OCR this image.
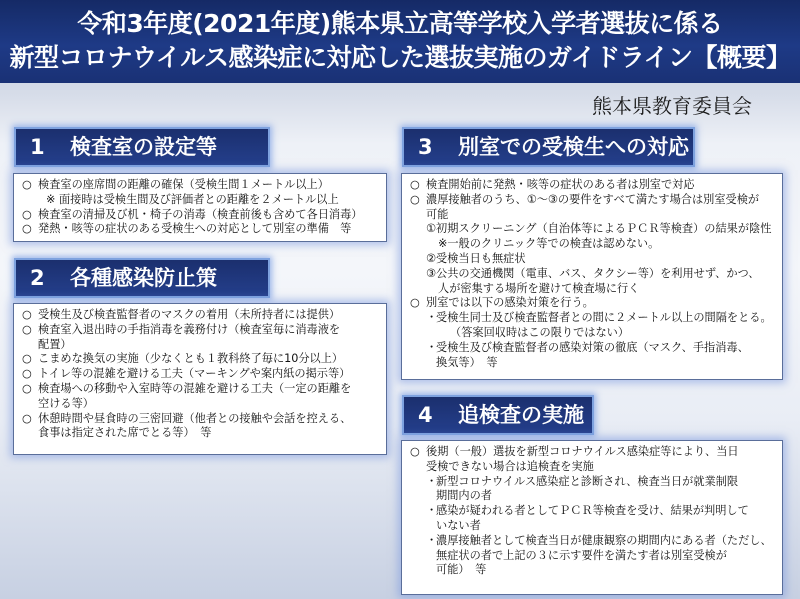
令和3年度(2021年度)熊本県立高等学校入学者選抜に係る
新型コロナウイルス感染症に対応した選抜実施のガイドライン【概要】
熊本県教育委員会
1 検査室の設定等
○ 検査室の座席間の距離の確保（受検生間１メートル以上）
※ 面接時は受検生間及び評価者との距離を２メートル以上
○ 検査室の清掃及び机・椅子の消毒（検査前後も含めて各日消毒）
○ 発熱・咳等の症状のある受検生への対応として別室の準備　等
2 各種感染防止策
○ 受検生及び検査監督者のマスクの着用（未所持者には提供）
○ 検査室入退出時の手指消毒を義務付け（検査室毎に消毒液を
配置）
○ こまめな換気の実施（少なくとも１教科終了毎に10分以上）
○ トイレ等の混雑を避ける工夫（マーキングや案内紙の掲示等）
○ 検査場への移動や入室時等の混雑を避ける工夫（一定の距離を
空ける等）
○ 休憩時間や昼食時の三密回避（他者との接触や会話を控える、
食事は指定された席でとる等）　等
3 別室での受検生への対応
○ 検査開始前に発熱・咳等の症状のある者は別室で対応
○ 濃厚接触者のうち、①～③の要件をすべて満たす場合は別室受検が
可能
①初期スクリーニング（自治体等によるＰＣＲ等検査）の結果が陰性
※一般のクリニック等での検査は認めない。
②受検当日も無症状
③公共の交通機関（電車、バス、タクシー等）を利用せず、かつ、
人が密集する場所を避けて検査場に行く
○ 別室では以下の感染対策を行う。
・
受検生同士及び検査監督者との間に２メートル以上の間隔をとる。
（答案回収時はこの限りではない）
・
受検生及び検査監督者の感染対策の徹底（マスク、手指消毒、
換気等）　等
4 追検査の実施
○ 後期（一般）選抜を新型コロナウイルス感染症等により、当日
受検できない場合は追検査を実施
・
新型コロナウイルス感染症と診断され、検査当日が就業制限
期間内の者
・
感染が疑われる者としてＰＣＲ等検査を受け、結果が判明して
いない者
・
濃厚接触者として検査当日が健康観察の期間内にある者（ただし、
無症状の者で上記の３に示す要件を満たす者は別室受検が
可能）　等
